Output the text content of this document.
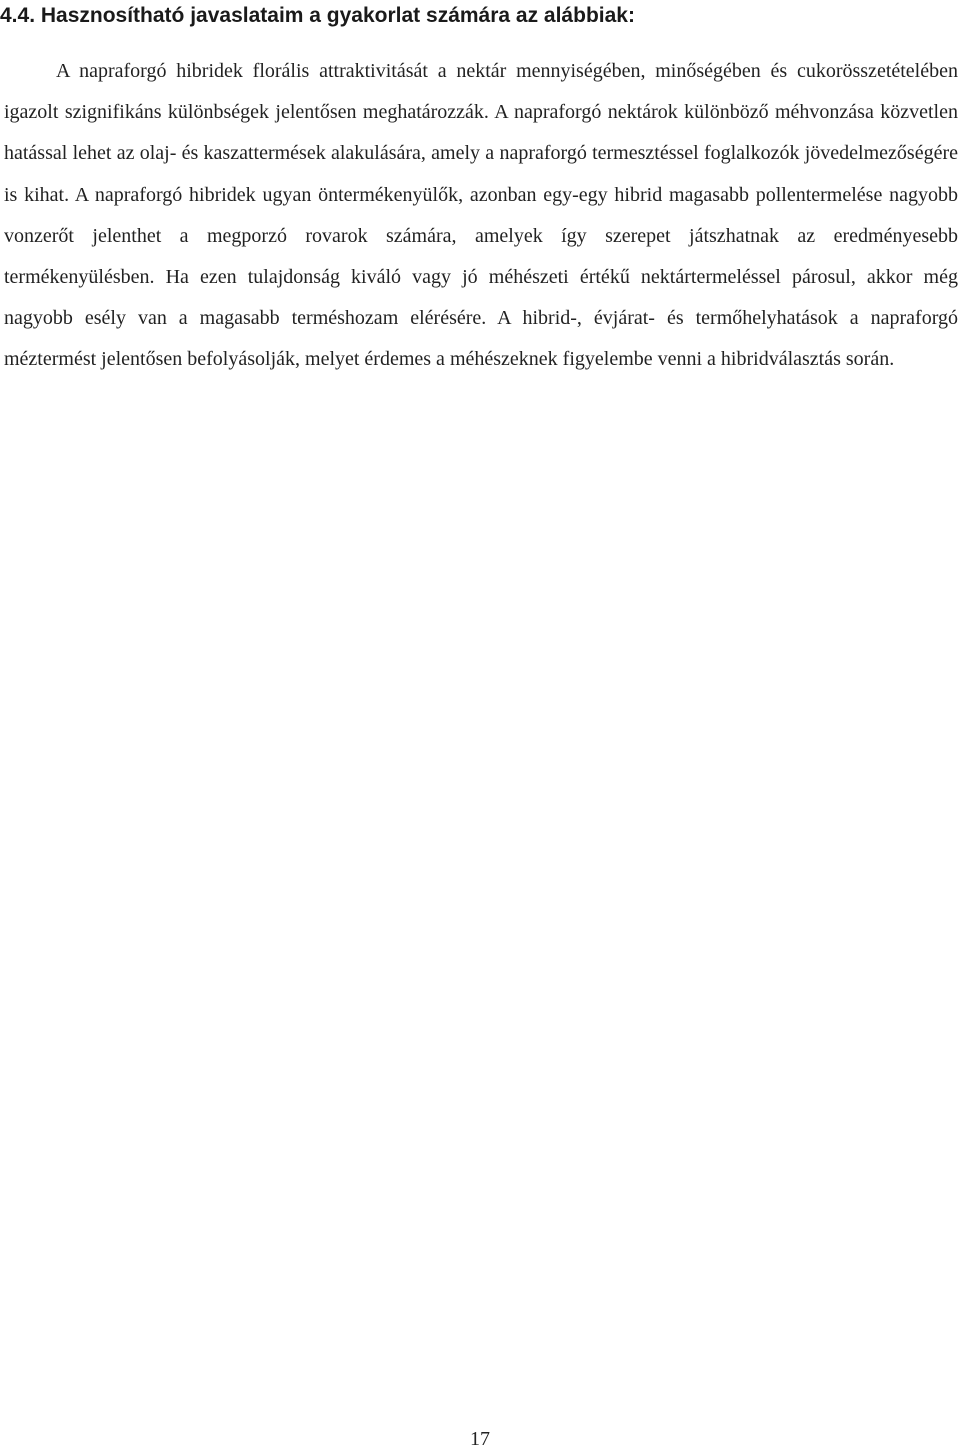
4.4. Hasznosítható javaslataim a gyakorlat számára az alábbiak:

A napraforgó hibridek florális attraktivitását a nektár mennyiségében, minőségében és cukorösszetételében igazolt szignifikáns különbségek jelentősen meghatározzák. A napraforgó nektárok különböző méhvonzása közvetlen hatással lehet az olaj- és kaszattermések alakulására, amely a napraforgó termesztéssel foglalkozók jövedelmezőségére is kihat. A napraforgó hibridek ugyan öntermékenyülők, azonban egy-egy hibrid magasabb pollentermelése nagyobb vonzerőt jelenthet a megporzó rovarok számára, amelyek így szerepet játszhatnak az eredményesebb termékenyülésben. Ha ezen tulajdonság kiváló vagy jó méhészeti értékű nektártermeléssel párosul, akkor még nagyobb esély van a magasabb terméshozam elérésére. A hibrid-, évjárat- és termőhelyhatások a napraforgó méztermést jelentősen befolyásolják, melyet érdemes a méhészeknek figyelembe venni a hibridválasztás során.

17
